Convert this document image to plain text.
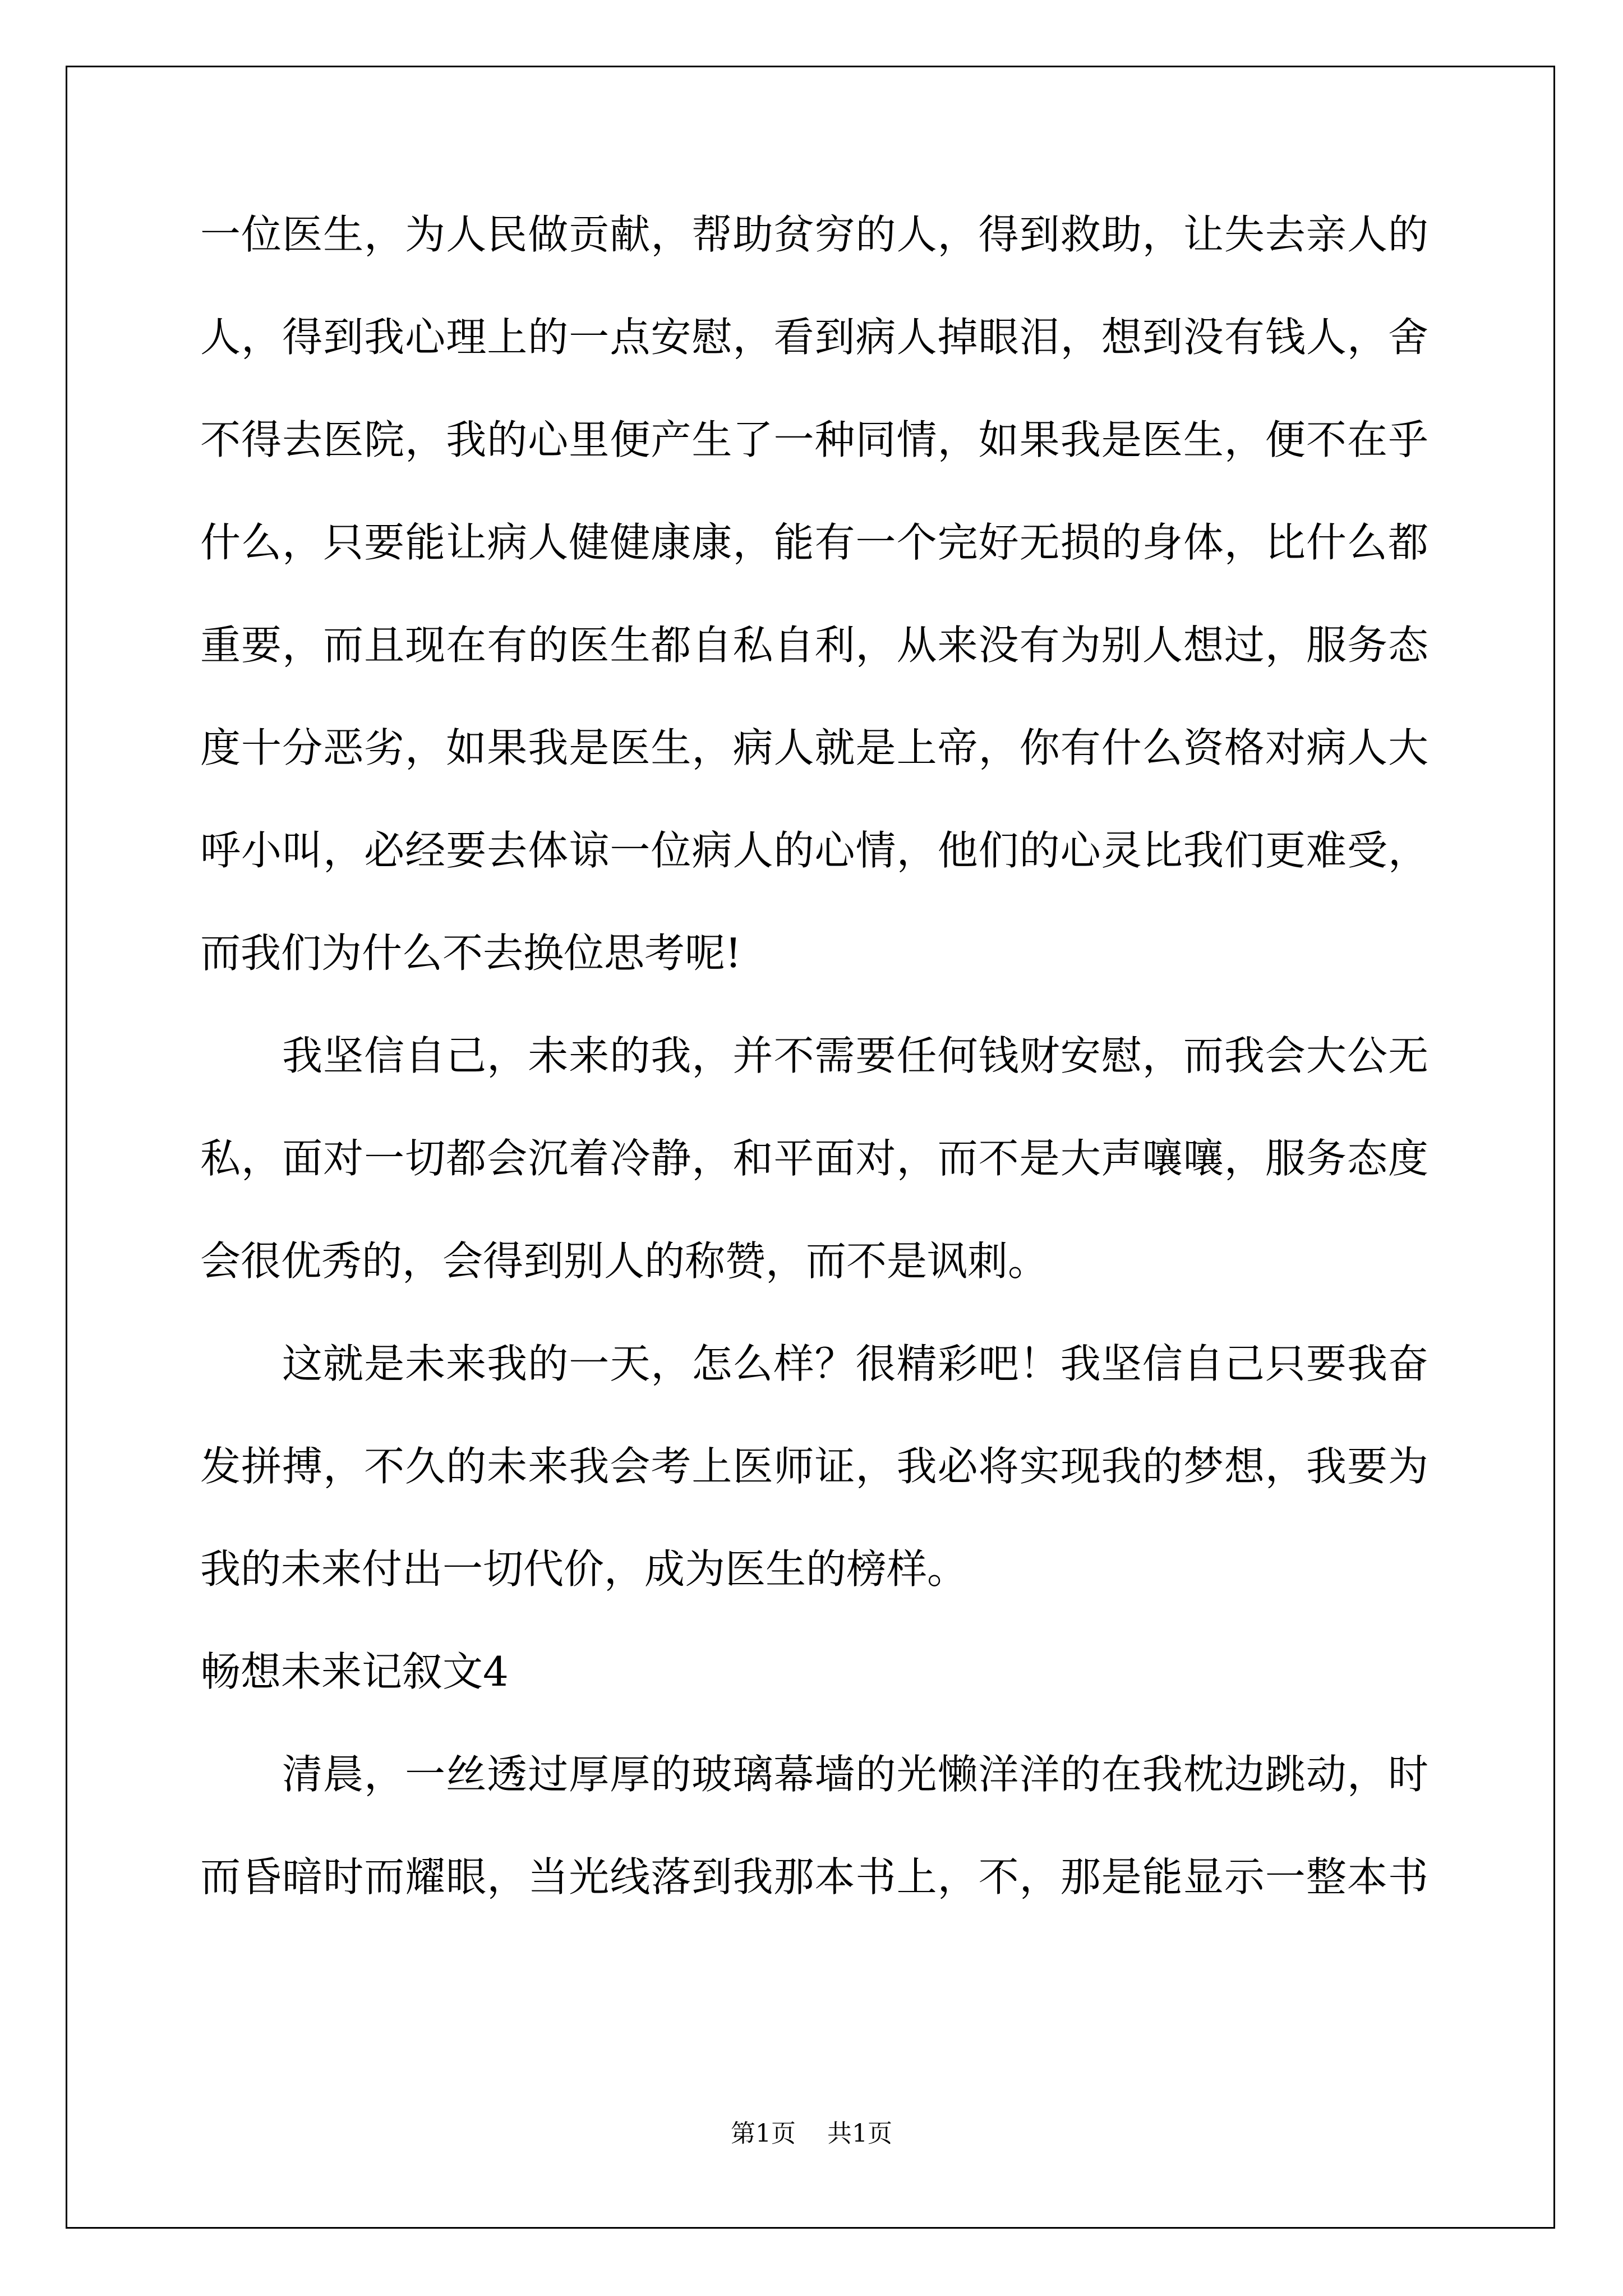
一位医生，为人民做贡献，帮助贫穷的人，得到救助，让失去亲人的
人，得到我心理上的一点安慰，看到病人掉眼泪，想到没有钱人，舍
不得去医院，我的心里便产生了一种同情，如果我是医生，便不在乎
什么，只要能让病人健健康康，能有一个完好无损的身体，比什么都
重要，而且现在有的医生都自私自利，从来没有为别人想过，服务态
度十分恶劣，如果我是医生，病人就是上帝，你有什么资格对病人大
呼小叫，必经要去体谅一位病人的心情，他们的心灵比我们更难受，
而我们为什么不去换位思考呢!
我坚信自己，未来的我，并不需要任何钱财安慰，而我会大公无
私，面对一切都会沉着冷静，和平面对，而不是大声嚷嚷，服务态度
会很优秀的，会得到别人的称赞，而不是讽刺。
这就是未来我的一天，怎么样？很精彩吧！我坚信自己只要我奋
发拼搏，不久的未来我会考上医师证，我必将实现我的梦想，我要为
我的未来付出一切代价，成为医生的榜样。
畅想未来记叙文4
清晨，一丝透过厚厚的玻璃幕墙的光懒洋洋的在我枕边跳动，时
而昏暗时而耀眼，当光线落到我那本书上，不，那是能显示一整本书
第1页 共1页
